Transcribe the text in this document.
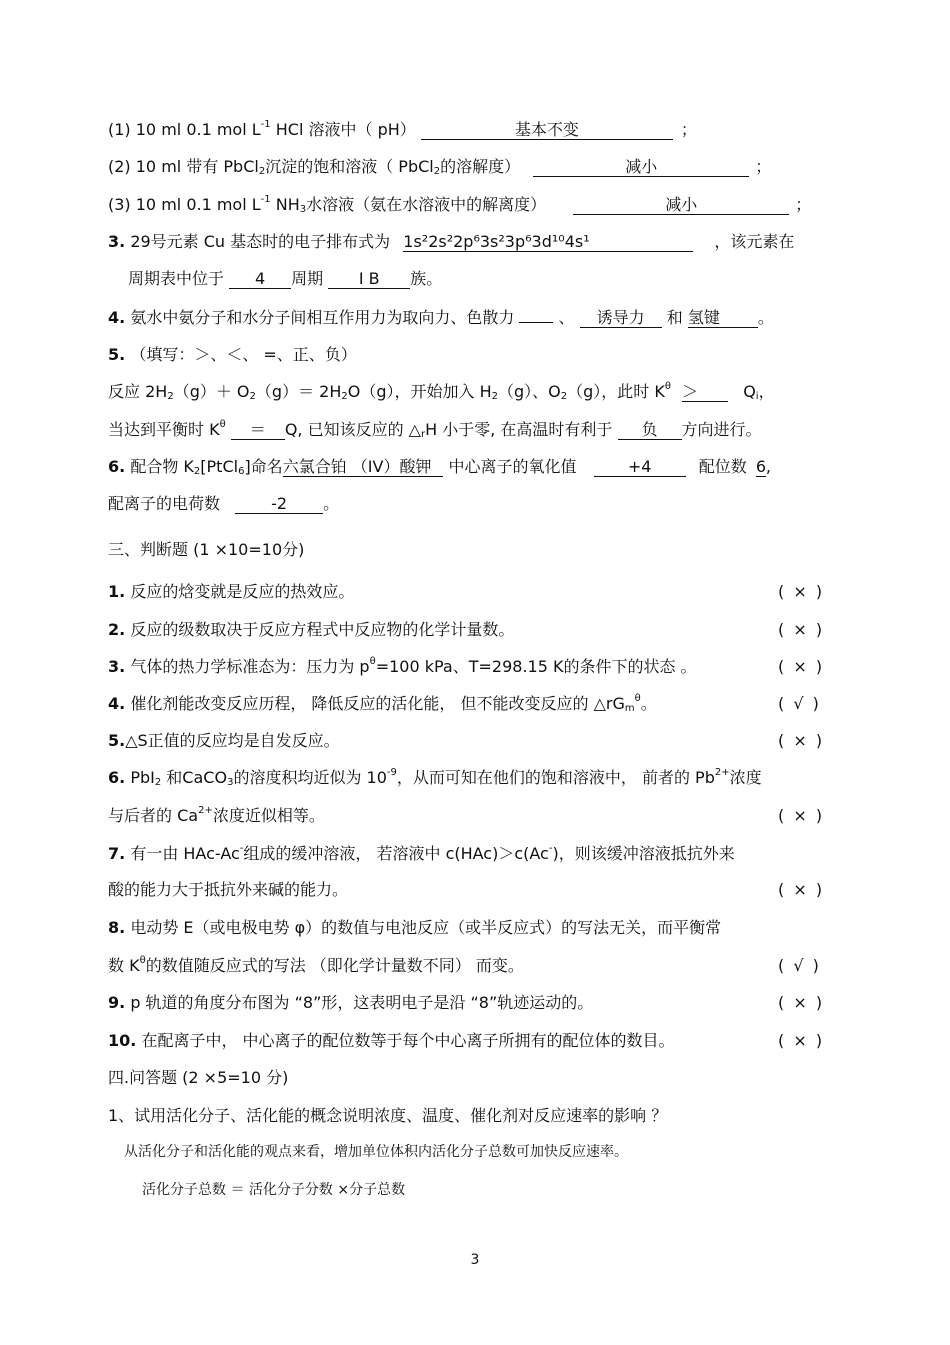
(1) 10 ml 0.1 mol $L^{-1}$ HCl 溶液中（ pH）	基本不变	；
(2) 10 ml 带有 PbCl$_2$沉淀的饱和溶液（ PbCl$_2$的溶解度）	减小	；
(3) 10 ml 0.1 mol $L^{-1}$ $NH_3$水溶液（氨在水溶液中的解离度）	减小	；
3. 29号元素 Cu 基态时的电子排布式为 1s²2s²2p⁶3s²3p⁶3d¹⁰4s¹	，该元素在
周期表中位于 4 周期 Ⅰ B 族。
4. 氨水中氨分子和水分子间相互作用力为取向力、色散力	、 诱导力 和 氢键 。
5. （填写：＞、＜、 =、正、负）
反应 $2H_2(g)+ O_2(g)= 2H_2O(g)$，开始加入 $H_2(g)$、$O_2(g)$，此时 $K^\theta$ ＞	$Q_i$，
当达到平衡时 $K^\theta = Q$, 已知该反应的 $\triangle_rH$ 小于零, 在高温时有利于 负 方向进行。
6. 配合物 $K_2[PtCl_6]$命名六氯合铂 （IV）酸钾 中心离子的氧化值	+4	配位数 6,
配离子的电荷数	-2 。
三、判断题 (1 ×10=10分)
1. 反应的焓变就是反应的热效应。	( × )
2. 反应的级数取决于反应方程式中反应物的化学计量数。	( × )
3. 气体的热力学标准态为：压力为 $p^\theta=100$ kPa、T=298.15 K的条件下的状态 。	( × )
4. 催化剂能改变反应历程， 降低反应的活化能， 但不能改变反应的 $\triangle rG_m^\theta$。	( √ )
5.△S正值的反应均是自发反应。	( × )
6. PbI$_2$ 和CaCO$_3$的溶度积均近似为 $10^{-9}$，从而可知在他们的饱和溶液中， 前者的 $Pb^{2+}$浓度
与后者的 $Ca^{2+}$浓度近似相等。	( × )
7. 有一由 HAc-Ac-组成的缓冲溶液， 若溶液中 c(HAc)＞c(Ac-)，则该缓冲溶液抵抗外来
酸的能力大于抵抗外来碱的能力。	( × )
8. 电动势 E（或电极电势 φ）的数值与电池反应（或半反应式）的写法无关，而平衡常
数 $K^\theta$的数值随反应式的写法 （即化学计量数不同） 而变。	( √ )
9. p 轨道的角度分布图为 “8”形，这表明电子是沿 “8”轨迹运动的。	( × )
10. 在配离子中， 中心离子的配位数等于每个中心离子所拥有的配位体的数目。	( × )
四.问答题 (2 ×5=10 分)
1、试用活化分子、活化能的概念说明浓度、温度、催化剂对反应速率的影响 ？
从活化分子和活化能的观点来看，增加单位体积内活化分子总数可加快反应速率。
活化分子总数 ＝ 活化分子分数 ×分子总数
3
